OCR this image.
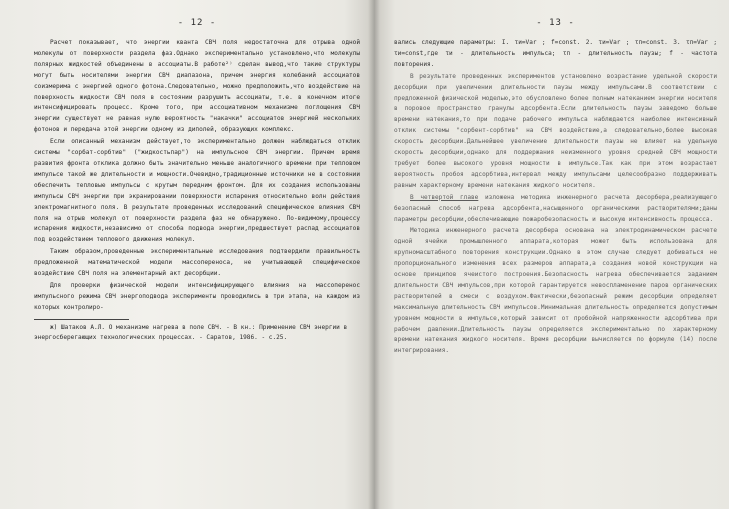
- 12 -

Расчет показывает, что энергии кванта СВЧ поля недостаточна для отрыва одной молекулы от поверхности раздела фаз.Однако экспериментально установлено,что молекулы полярных жидкостей объединены в ассоциаты.В работе²⁾ сделан вывод,что такие структуры могут быть носителями энергии СВЧ диапазона, причем энергия колебаний ассоциатов соизмерима с энергией одного фотона.Следовательно, можно предположить,что воздействие на поверхность жидкости СВЧ поля в состоянии разрушить ассоциаты, т.е. в конечном итоге интенсифицировать процесс. Кроме того, при ассоциативном механизме поглощения СВЧ энергии существует не равная нулю вероятность "накачки" ассоциатов энергией нескольких фотонов и передача этой энергии одному из диполей, образующих комплекс.

Если описанный механизм действует,то экспериментально должен наблюдаться отклик системы "сорбат-сорбтив" ("жидкостьпар") на импульсное СВЧ энергии. Причем время развития фронта отклика должно быть значительно меньше аналогичного времени при тепловом импульсе такой же длительности и мощности.Очевидно,традиционные источники не в состоянии обеспечить тепловые импульсы с крутым передним фронтом. Для их создания использованы импульсы СВЧ энергии при экранировании поверхности испарения относительно волн действия электромагнитного поля. В результате проведенных исследований специфическое влияния СВЧ поля на отрыв молекул от поверхности раздела фаз не обнаружено. По-видимому,процессу испарения жидкости,независимо от способа подвода энергии,предшествует распад ассоциатов под воздействием теплового движения молекул.

Таким образом,проведенные экспериментальные исследования подтвердили правильность предложенной математической модели массопереноса, не учитывающей специфическое воздействие СВЧ поля на элементарный акт десорбции.

Для проверки физической модели интенсифицирующего влияния на массоперенос импульсного режима СВЧ энергоподвода эксперименты проводились в три этапа, на каждом из которых контролиро-

ж) Шатаков А.Л. О механизме нагрева в поле СВЧ. - В кн.: Применение СВЧ энергии в энергосберегающих технологических процессах. - Саратов, 1986. - с.25.

- 13 -

вались следующие параметры: I. τи=Var ; f=const. 2. τи=Var ; τп=const. 3. τп=Var ; τи=const,где τи - длительность импульса; τп - длительность паузы; f - частота повторения.

В результате проведенных экспериментов установлено возрастание удельной скорости десорбции при увеличении длительности паузы между импульсами.В соответствии с предложенной физической моделью,это обусловлено более полным натеканием энергии носителя в поровое пространство гранулы адсорбента.Если длительность паузы заведомо больше времени натекания,то при подаче рабочего импульса наблюдается наиболее интенсивный отклик системы "сорбент-сорбтив" на СВЧ воздействие,а следовательно,более высокая скорость десорбции.Дальнейшее увеличение длительности паузы не влияет на удельную скорость десорбции,однако для поддержания неизменного уровня средней СВЧ мощности требует более высокого уровня мощности в импульсе.Так как при этом возрастает вероятность пробоя адсорбтива,интервал между импульсами целесообразно поддерживать равным характерному времени натекания жидкого носителя.

В четвертой главе изложена методика инженерного расчета десорбера,реализующего безопасный способ нагрева адсорбента,насыщенного органическими растворителями;даны параметры десорбции,обеспечивающие пожаробезопасность и высокую интенсивность процесса.

Методика инженерного расчета десорбера основана на электродинамическом расчете одной ячейки промышленного аппарата,которая может быть использована для крупномасштабного повторения конструкции.Однако в этом случае следует добиваться не пропорционального изменения всех размеров аппарата,а создания новой конструкции на основе принципов ячеистого построения.Безопасность нагрева обеспечивается заданием длительности СВЧ импульсов,при которой гарантируется невоспламенение паров органических растворителей в смеси с воздухом.Фактически,безопасный режим десорбции определяет максимальную длительность СВЧ импульсов.Минимальная длительность определяется допустимым уровнем мощности в импульсе,который зависит от пробойной напряженности адсорбтива при рабочем давлении.Длительность паузы определяется экспериментально по характерному времени натекания жидкого носителя. Время десорбции вычисляется по формуле (14) после интегрирования.
